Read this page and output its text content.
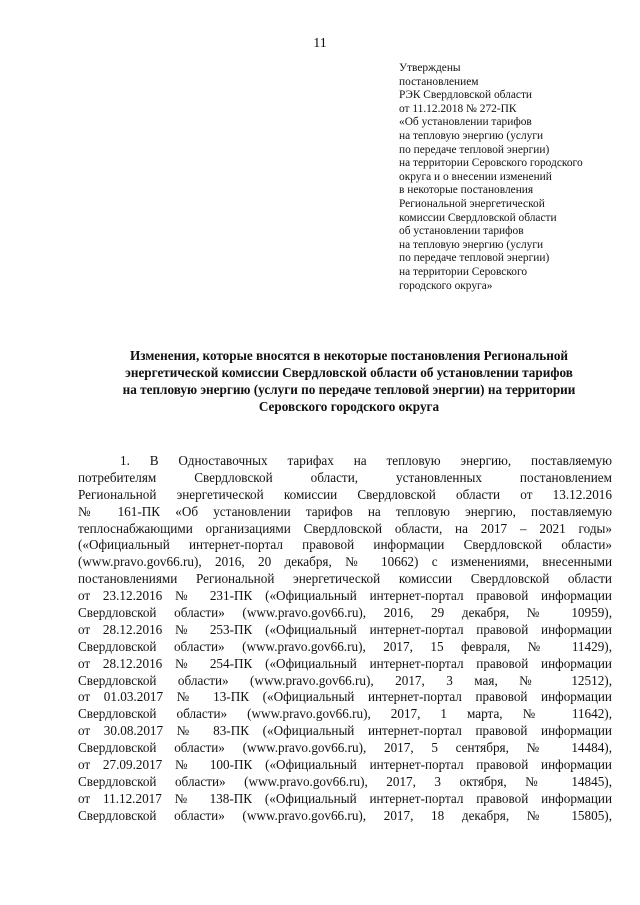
11
Утверждены
постановлением
РЭК Свердловской области
от 11.12.2018 № 272-ПК
«Об установлении тарифов
на тепловую энергию (услуги
по передаче тепловой энергии)
на территории Серовского городского
округа и о внесении изменений
в некоторые постановления
Региональной энергетической
комиссии Свердловской области
об установлении тарифов
на тепловую энергию (услуги
по передаче тепловой энергии)
на территории Серовского
городского округа»
Изменения, которые вносятся в некоторые постановления Региональной
энергетической комиссии Свердловской области об установлении тарифов
на тепловую энергию (услуги по передаче тепловой энергии) на территории
Серовского городского округа
1. В Одноставочных тарифах на тепловую энергию, поставляемую
потребителям Свердловской области, установленных постановлением
Региональной энергетической комиссии Свердловской области от 13.12.2016
№ 161-ПК «Об установлении тарифов на тепловую энергию, поставляемую
теплоснабжающими организациями Свердловской области, на 2017 – 2021 годы»
(«Официальный интернет-портал правовой информации Свердловской области»
(www.pravo.gov66.ru), 2016, 20 декабря, № 10662) с изменениями, внесенными
постановлениями Региональной энергетической комиссии Свердловской области
от 23.12.2016 № 231-ПК («Официальный интернет-портал правовой информации
Свердловской области» (www.pravo.gov66.ru), 2016, 29 декабря, № 10959),
от 28.12.2016 № 253-ПК («Официальный интернет-портал правовой информации
Свердловской области» (www.pravo.gov66.ru), 2017, 15 февраля, № 11429),
от 28.12.2016 № 254-ПК («Официальный интернет-портал правовой информации
Свердловской области» (www.pravo.gov66.ru), 2017, 3 мая, № 12512),
от 01.03.2017 № 13-ПК («Официальный интернет-портал правовой информации
Свердловской области» (www.pravo.gov66.ru), 2017, 1 марта, № 11642),
от 30.08.2017 № 83-ПК («Официальный интернет-портал правовой информации
Свердловской области» (www.pravo.gov66.ru), 2017, 5 сентября, № 14484),
от 27.09.2017 № 100-ПК («Официальный интернет-портал правовой информации
Свердловской области» (www.pravo.gov66.ru), 2017, 3 октября, № 14845),
от 11.12.2017 № 138-ПК («Официальный интернет-портал правовой информации
Свердловской области» (www.pravo.gov66.ru), 2017, 18 декабря, № 15805),
